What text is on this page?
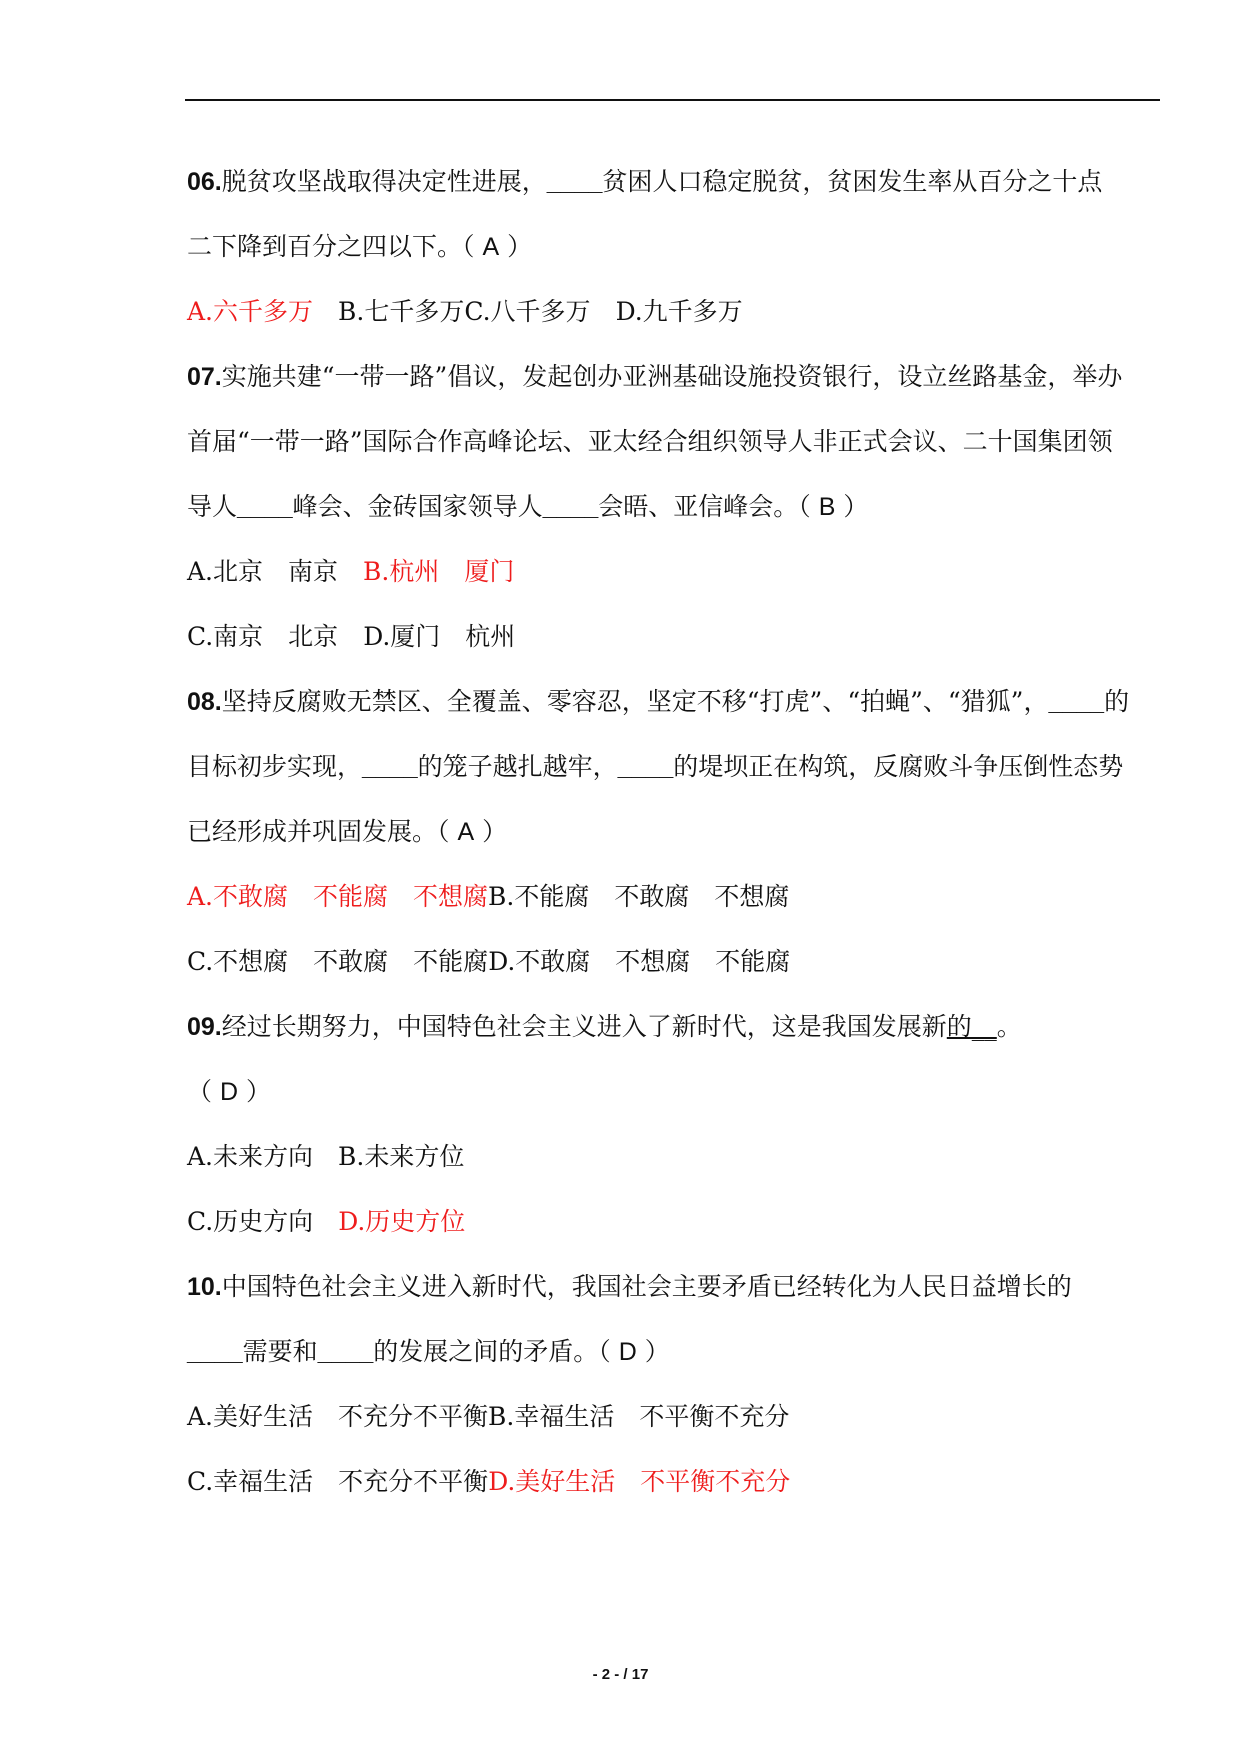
06.脱贫攻坚战取得决定性进展，____贫困人口稳定脱贫，贫困发生率从百分之十点
二下降到百分之四以下。（ A ）
A.六千多万　 B.七千多万C.八千多万　 D.九千多万
07.实施共建“一带一路”倡议，发起创办亚洲基础设施投资银行，设立丝路基金，举办
首届“一带一路”国际合作高峰论坛、亚太经合组织领导人非正式会议、二十国集团领
导人____峰会、金砖国家领导人____会晤、亚信峰会。（ B ）
A.北京　南京　 B.杭州　厦门
C.南京　北京　 D.厦门　杭州
08.坚持反腐败无禁区、全覆盖、零容忍，坚定不移“打虎”、“拍蝇”、“猎狐”，____的
目标初步实现，____的笼子越扎越牢，____的堤坝正在构筑，反腐败斗争压倒性态势
已经形成并巩固发展。（ A ）
A.不敢腐　不能腐　不想腐B.不能腐　不敢腐　不想腐
C.不想腐　不敢腐　不能腐D.不敢腐　不想腐　不能腐
09.经过长期努力，中国特色社会主义进入了新时代，这是我国发展新的__。
（ D ）
A.未来方向　 B.未来方位
C.历史方向　 D.历史方位
10.中国特色社会主义进入新时代，我国社会主要矛盾已经转化为人民日益增长的
____需要和____的发展之间的矛盾。（ D ）
A.美好生活　不充分不平衡B.幸福生活　不平衡不充分
C.幸福生活　不充分不平衡D.美好生活　不平衡不充分
- 2 - / 17
